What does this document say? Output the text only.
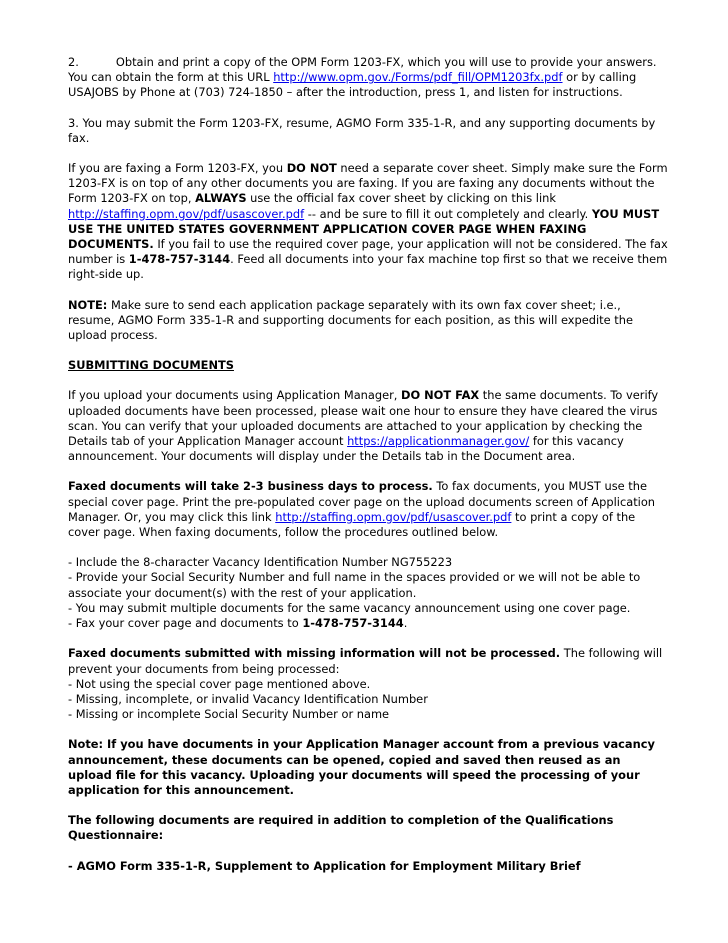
2.	Obtain and print a copy of the OPM Form 1203-FX, which you will use to provide your answers. You can obtain the form at this URL http://www.opm.gov./Forms/pdf_fill/OPM1203fx.pdf or by calling USAJOBS by Phone at (703) 724-1850 – after the introduction, press 1, and listen for instructions.

3. You may submit the Form 1203-FX, resume, AGMO Form 335-1-R, and any supporting documents by fax.

If you are faxing a Form 1203-FX, you DO NOT need a separate cover sheet. Simply make sure the Form 1203-FX is on top of any other documents you are faxing. If you are faxing any documents without the Form 1203-FX on top, ALWAYS use the official fax cover sheet by clicking on this link http://staffing.opm.gov/pdf/usascover.pdf -- and be sure to fill it out completely and clearly. YOU MUST USE THE UNITED STATES GOVERNMENT APPLICATION COVER PAGE WHEN FAXING DOCUMENTS. If you fail to use the required cover page, your application will not be considered. The fax number is 1-478-757-3144. Feed all documents into your fax machine top first so that we receive them right-side up.

NOTE: Make sure to send each application package separately with its own fax cover sheet; i.e., resume, AGMO Form 335-1-R and supporting documents for each position, as this will expedite the upload process.

SUBMITTING DOCUMENTS

If you upload your documents using Application Manager, DO NOT FAX the same documents. To verify uploaded documents have been processed, please wait one hour to ensure they have cleared the virus scan. You can verify that your uploaded documents are attached to your application by checking the Details tab of your Application Manager account https://applicationmanager.gov/ for this vacancy announcement. Your documents will display under the Details tab in the Document area.

Faxed documents will take 2-3 business days to process. To fax documents, you MUST use the special cover page. Print the pre-populated cover page on the upload documents screen of Application Manager. Or, you may click this link http://staffing.opm.gov/pdf/usascover.pdf to print a copy of the cover page. When faxing documents, follow the procedures outlined below.

- Include the 8-character Vacancy Identification Number NG755223
- Provide your Social Security Number and full name in the spaces provided or we will not be able to associate your document(s) with the rest of your application.
- You may submit multiple documents for the same vacancy announcement using one cover page.
- Fax your cover page and documents to 1-478-757-3144.

Faxed documents submitted with missing information will not be processed. The following will prevent your documents from being processed:
- Not using the special cover page mentioned above.
- Missing, incomplete, or invalid Vacancy Identification Number
- Missing or incomplete Social Security Number or name

Note: If you have documents in your Application Manager account from a previous vacancy announcement, these documents can be opened, copied and saved then reused as an upload file for this vacancy. Uploading your documents will speed the processing of your application for this announcement.

The following documents are required in addition to completion of the Qualifications Questionnaire:

- AGMO Form 335-1-R, Supplement to Application for Employment Military Brief
